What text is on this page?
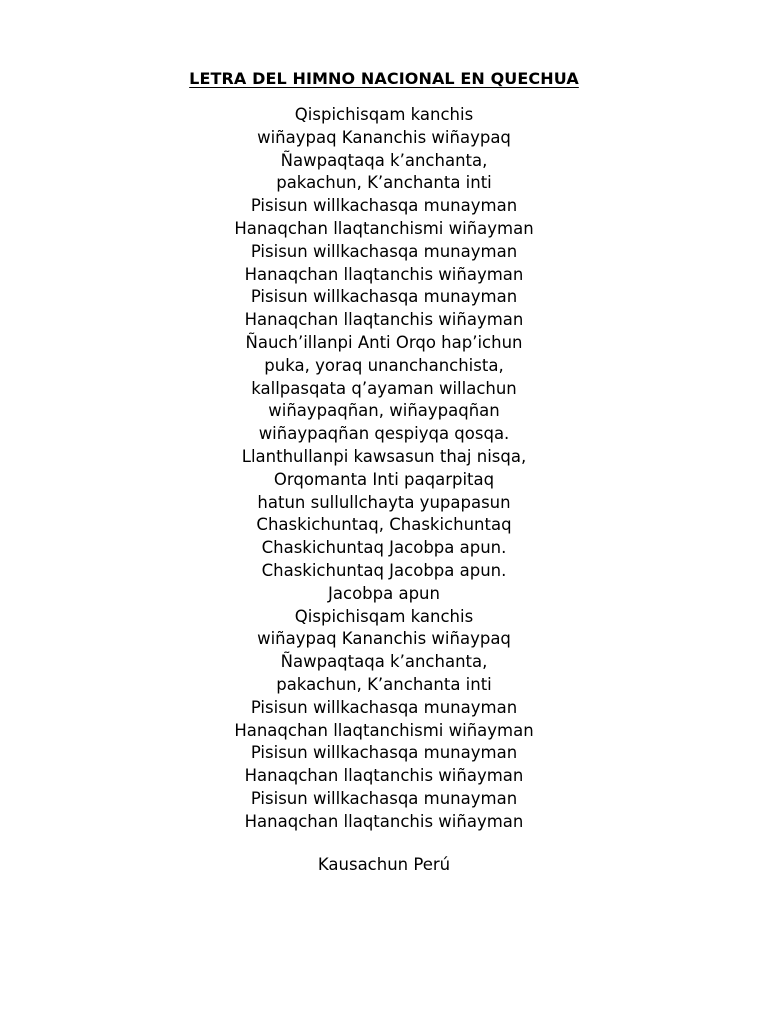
LETRA DEL HIMNO NACIONAL EN QUECHUA
Qispichisqam kanchis
wiñaypaq Kananchis wiñaypaq
Ñawpaqtaqa k’anchanta,
pakachun, K’anchanta inti
Pisisun willkachasqa munayman
Hanaqchan llaqtanchismi wiñayman
Pisisun willkachasqa munayman
Hanaqchan llaqtanchis wiñayman
Pisisun willkachasqa munayman
Hanaqchan llaqtanchis wiñayman
Ñauch’illanpi Anti Orqo hap’ichun
puka, yoraq unanchanchista,
kallpasqata q’ayaman willachun
wiñaypaqñan, wiñaypaqñan
wiñaypaqñan qespiyqa qosqa.
Llanthullanpi kawsasun thaj nisqa,
Orqomanta Inti paqarpitaq
hatun sullullchayta yupapasun
Chaskichuntaq, Chaskichuntaq
Chaskichuntaq Jacobpa apun.
Chaskichuntaq Jacobpa apun.
Jacobpa apun
Qispichisqam kanchis
wiñaypaq Kananchis wiñaypaq
Ñawpaqtaqa k’anchanta,
pakachun, K’anchanta inti
Pisisun willkachasqa munayman
Hanaqchan llaqtanchismi wiñayman
Pisisun willkachasqa munayman
Hanaqchan llaqtanchis wiñayman
Pisisun willkachasqa munayman
Hanaqchan llaqtanchis wiñayman
Kausachun Perú
